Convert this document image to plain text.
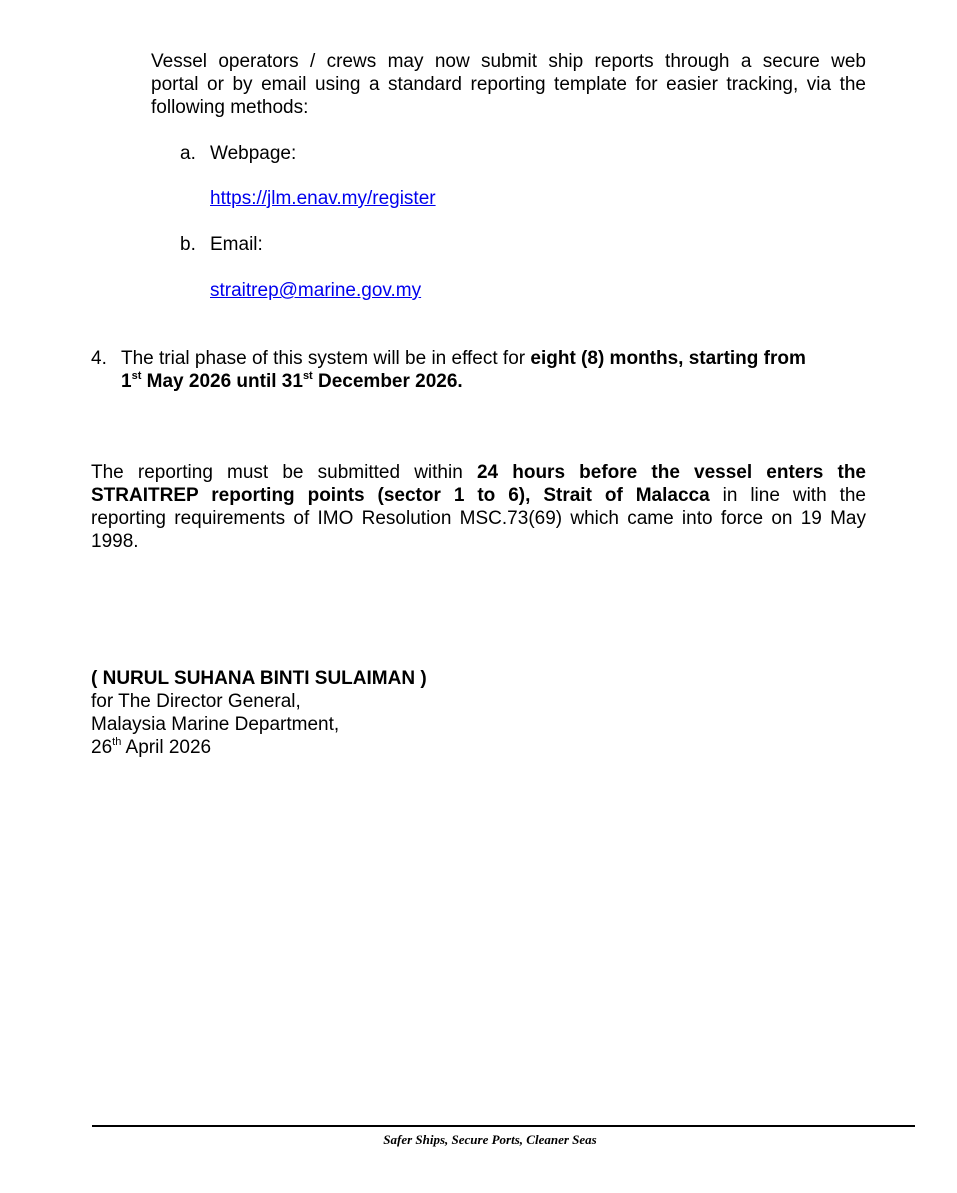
Vessel operators / crews may now submit ship reports through a secure web
portal or by email using a standard reporting template for easier tracking, via the
following methods:
a. Webpage:
https://jlm.enav.my/register
b. Email:
straitrep@marine.gov.my
4. The trial phase of this system will be in effect for eight (8) months, starting from
1st May 2026 until 31st December 2026.
The reporting must be submitted within 24 hours before the vessel enters the
STRAITREP reporting points (sector 1 to 6), Strait of Malacca in line with the
reporting requirements of IMO Resolution MSC.73(69) which came into force on 19 May
1998.
( NURUL SUHANA BINTI SULAIMAN )
for The Director General,
Malaysia Marine Department,
26th April 2026
Safer Ships, Secure Ports, Cleaner Seas
